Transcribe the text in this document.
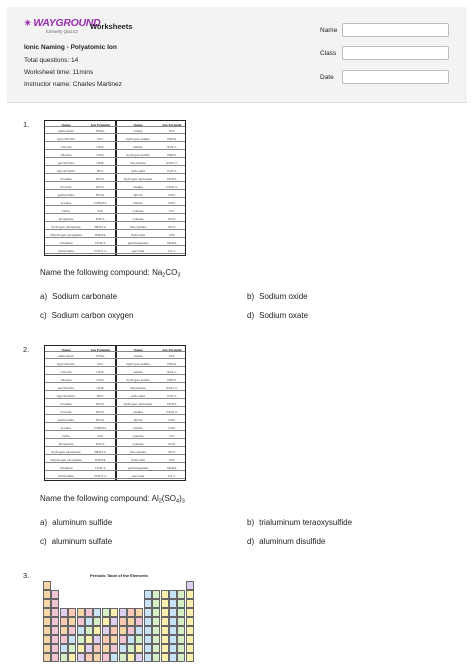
✴ WAYGROUND
formerly Quizizz
Worksheets
Ionic Naming - Polyatomic Ion
Total questions: 14
Worksheet time: 11mins
Instructor name: Charles Martinez
Name
Class
Date
1.	Name	Ion Formula	Name	Ion Formula
ammonium	NH4+	iodate	IO3-
hypochlorite	ClO-	hydrogen sulfate	HSO4-
chlorite	ClO2-	sulfate	SO4 2-
chlorate	ClO3-	hydrogen sulfite	HSO3-
perchlorate	ClO4-	thiosulfate	S2O3 2-
hypobromite	BrO-	carbonate	CO3 2-
bromate	BrO3-	hydrogen carbonate	HCO3-
bromite	BrO2-	oxalate	C2O4 2-
perbromate	BrO4-	nitrite	NO2-
acetate	C2H3O2-	nitrate	NO3-
iodite	IO2-	cyanide	CN-
phosphate	PO4 3-	cyanate	OCN-
hydrogen phosphate	HPO4 2-	thiocyanate	SCN-
dihydrogen phosphate	H2PO4-	hydroxide	OH-
chromate	CrO4 2-	permanganate	MnO4-
dichromate	Cr2O7 2-	peroxide	O2 2-
Name the following compound: $Na_2CO_3$
a) Sodium carbonate	b) Sodium oxide
c) Sodium carbon oxygen	d) Sodium oxate
2.	Name	Ion Formula	Name	Ion Formula
ammonium	NH4+	iodate	IO3-
hypochlorite	ClO-	hydrogen sulfate	HSO4-
chlorite	ClO2-	sulfate	SO4 2-
chlorate	ClO3-	hydrogen sulfite	HSO3-
perchlorate	ClO4-	thiosulfate	S2O3 2-
hypobromite	BrO-	carbonate	CO3 2-
bromate	BrO3-	hydrogen carbonate	HCO3-
bromite	BrO2-	oxalate	C2O4 2-
perbromate	BrO4-	nitrite	NO2-
acetate	C2H3O2-	nitrate	NO3-
iodite	IO2-	cyanide	CN-
phosphate	PO4 3-	cyanate	OCN-
hydrogen phosphate	HPO4 2-	thiocyanate	SCN-
dihydrogen phosphate	H2PO4-	hydroxide	OH-
chromate	CrO4 2-	permanganate	MnO4-
dichromate	Cr2O7 2-	peroxide	O2 2-
Name the following compound: $Al_2(SO_4)_3$
a) aluminum sulfide	b) trialuminum teraoxysulfide
c) aluminum sulfate	d) aluminum disulfide
3.	Periodic Table of the Elements
